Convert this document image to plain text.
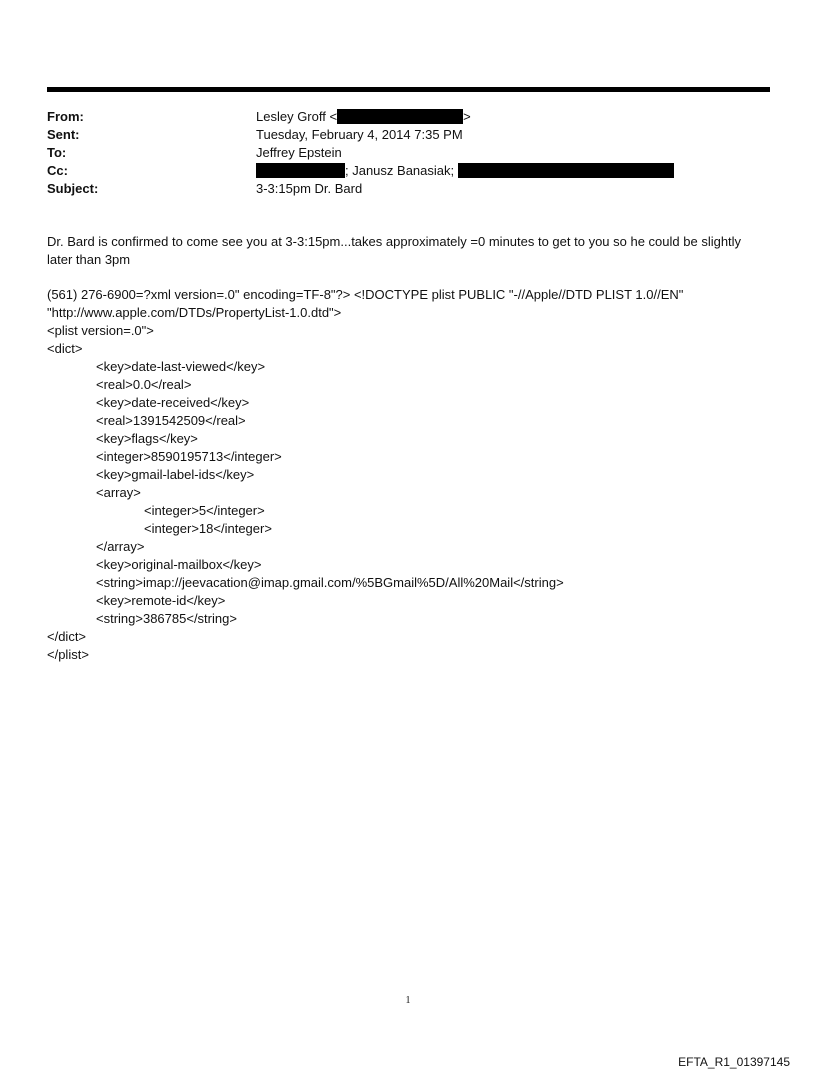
From:	Lesley Groff <	>
Sent:	Tuesday, February 4, 2014 7:35 PM
To:	Jeffrey Epstein
Cc:	; Janusz Banasiak;
Subject:	3-3:15pm Dr. Bard
Dr. Bard is confirmed to come see you at 3-3:15pm...takes approximately =0 minutes to get to you so he could be slightly
later than 3pm
(561) 276-6900=?xml version=.0" encoding=TF-8"?> <!DOCTYPE plist PUBLIC "-//Apple//DTD PLIST 1.0//EN"
"http://www.apple.com/DTDs/PropertyList-1.0.dtd">
<plist version=.0">
<dict>
<key>date-last-viewed</key>
<real>0.0</real>
<key>date-received</key>
<real>1391542509</real>
<key>flags</key>
<integer>8590195713</integer>
<key>gmail-label-ids</key>
<array>
<integer>5</integer>
<integer>18</integer>
</array>
<key>original-mailbox</key>
<string>imap://jeevacation@imap.gmail.com/%5BGmail%5D/All%20Mail</string>
<key>remote-id</key>
<string>386785</string>
</dict>
</plist>
1
EFTA_R1_01397145
